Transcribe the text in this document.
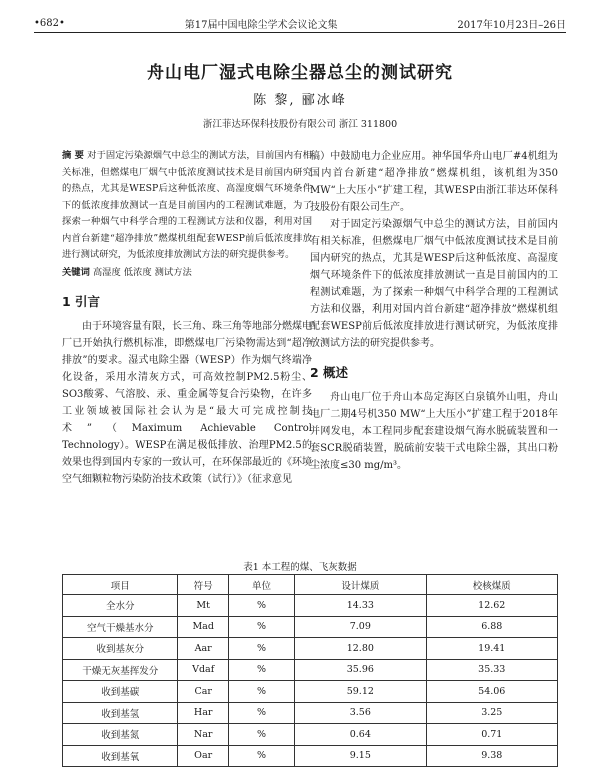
•682•	第17届中国电除尘学术会议论文集	2017年10月23日–26日
舟山电厂湿式电除尘器总尘的测试研究
陈 黎, 郦冰峰
浙江菲达环保科技股份有限公司 浙江 311800
摘 要 对于固定污染源烟气中总尘的测试方法，目前国内有相关标准，但燃煤电厂烟气中低浓度测试技术是目前国内研究的热点，尤其是WESP后这种低浓度、高湿度烟气环境条件下的低浓度排放测试一直是目前国内的工程测试难题，为了探索一种烟气中科学合理的工程测试方法和仪器，利用对国内首台新建“超净排放”燃煤机组配套WESP前后低浓度排放进行测试研究，为低浓度排放测试方法的研究提供参考。
关键词 高湿度 低浓度 测试方法
1 引言

由于环境容量有限，长三角、珠三角等地部分燃煤电厂已开始执行燃机标准，即燃煤电厂污染物需达到“超净排放”的要求。湿式电除尘器（WESP）作为烟气终端净化设备，采用水清灰方式，可高效控制PM2.5粉尘、SO3酸雾、气溶胶、汞、重金属等复合污染物，在许多工业领域被国际社会认为是“最大可完成控制技术”（Maximum Achievable Control Technology）。WESP在满足极低排放、治理PM2.5的效果也得到国内专家的一致认可，在环保部最近的《环境空气细颗粒物污染防治技术政策（试行）》（征求意见

稿）中鼓励电力企业应用。神华国华舟山电厂#4机组为国内首台新建“超净排放”燃煤机组，该机组为350 MW“上大压小”扩建工程，其WESP由浙江菲达环保科技股份有限公司生产。

对于固定污染源烟气中总尘的测试方法，目前国内有相关标准，但燃煤电厂烟气中低浓度测试技术是目前国内研究的热点，尤其是WESP后这种低浓度、高湿度烟气环境条件下的低浓度排放测试一直是目前国内的工程测试难题，为了探索一种烟气中科学合理的工程测试方法和仪器，利用对国内首台新建“超净排放”燃煤机组配套WESP前后低浓度排放进行测试研究，为低浓度排放测试方法的研究提供参考。

2 概述

舟山电厂位于舟山本岛定海区白泉镇外山咀，舟山电厂二期4号机350 MW“上大压小”扩建工程于2018年并网发电，本工程同步配套建设烟气海水脱硫装置和一套SCR脱硝装置，脱硫前安装干式电除尘器，其出口粉尘浓度≤30 mg/m³。

表1 本工程的煤、飞灰数据
项目	符号	单位	设计煤质	校核煤质
全水分	Mt	%	14.33	12.62
空气干燥基水分	Mad	%	7.09	6.88
收到基灰分	Aar	%	12.80	19.41
干燥无灰基挥发分	Vdaf	%	35.96	35.33
收到基碳	Car	%	59.12	54.06
收到基氢	Har	%	3.56	3.25
收到基氮	Nar	%	0.64	0.71
收到基氧	Oar	%	9.15	9.38
